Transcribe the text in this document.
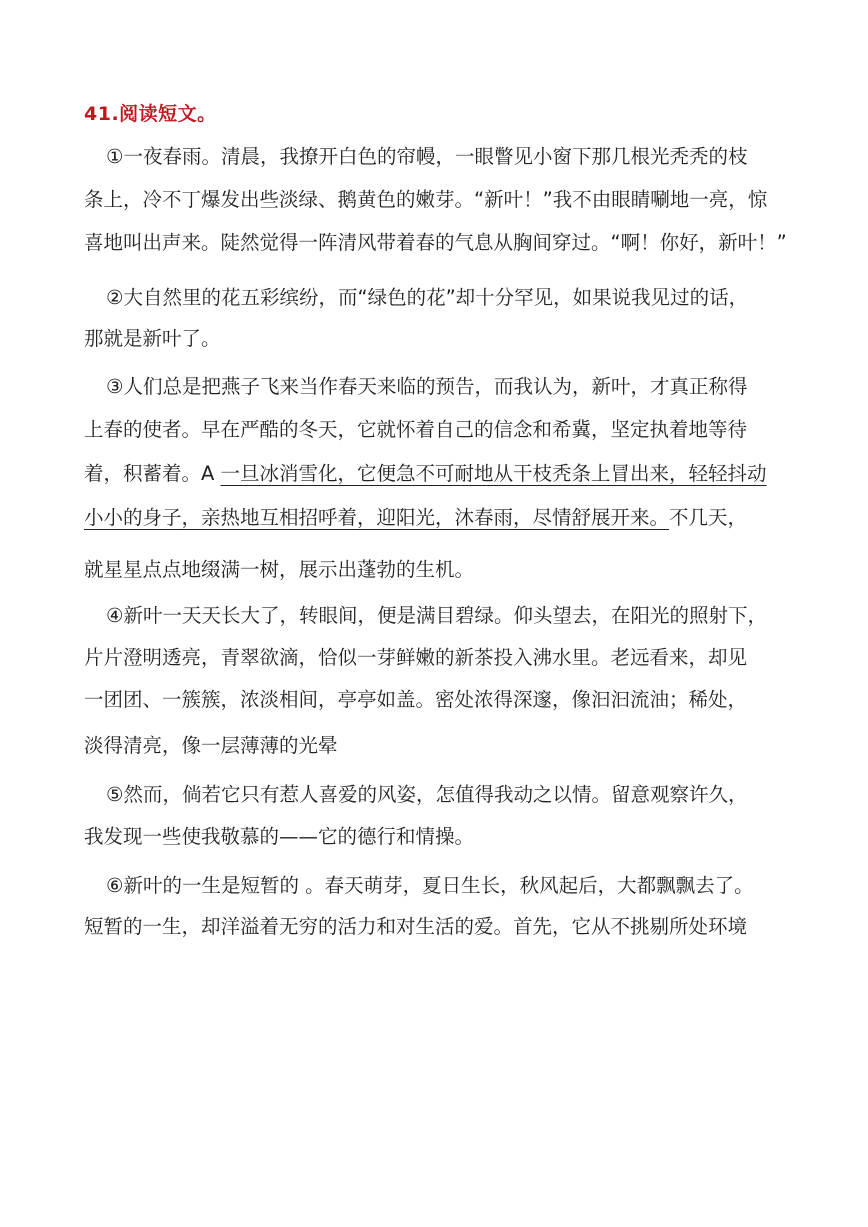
41.阅读短文。
①一夜春雨。清晨，我撩开白色的帘幔，一眼瞥见小窗下那几根光秃秃的枝
条上，冷不丁爆发出些淡绿、鹅黄色的嫩芽。“新叶！”我不由眼睛唰地一亮，惊
喜地叫出声来。陡然觉得一阵清风带着春的气息从胸间穿过。“啊！你好，新叶！”
②大自然里的花五彩缤纷，而“绿色的花”却十分罕见，如果说我见过的话，
那就是新叶了。
③人们总是把燕子飞来当作春天来临的预告，而我认为，新叶，才真正称得
上春的使者。早在严酷的冬天，它就怀着自己的信念和希冀，坚定执着地等待
着，积蓄着。A 一旦冰消雪化，它便急不可耐地从干枝秃条上冒出来，轻轻抖动
小小的身子，亲热地互相招呼着，迎阳光，沐春雨，尽情舒展开来。不几天，
就星星点点地缀满一树，展示出蓬勃的生机。
④新叶一天天长大了，转眼间，便是满目碧绿。仰头望去，在阳光的照射下，
片片澄明透亮，青翠欲滴，恰似一芽鲜嫩的新茶投入沸水里。老远看来，却见
一团团、一簇簇，浓淡相间，亭亭如盖。密处浓得深邃，像汩汩流油；稀处，
淡得清亮，像一层薄薄的光晕
⑤然而，倘若它只有惹人喜爱的风姿，怎值得我动之以情。留意观察许久，
我发现一些使我敬慕的——它的德行和情操。
⑥新叶的一生是短暂的 。春天萌芽，夏日生长，秋风起后，大都飘飘去了。
短暂的一生，却洋溢着无穷的活力和对生活的爱。首先，它从不挑剔所处环境
